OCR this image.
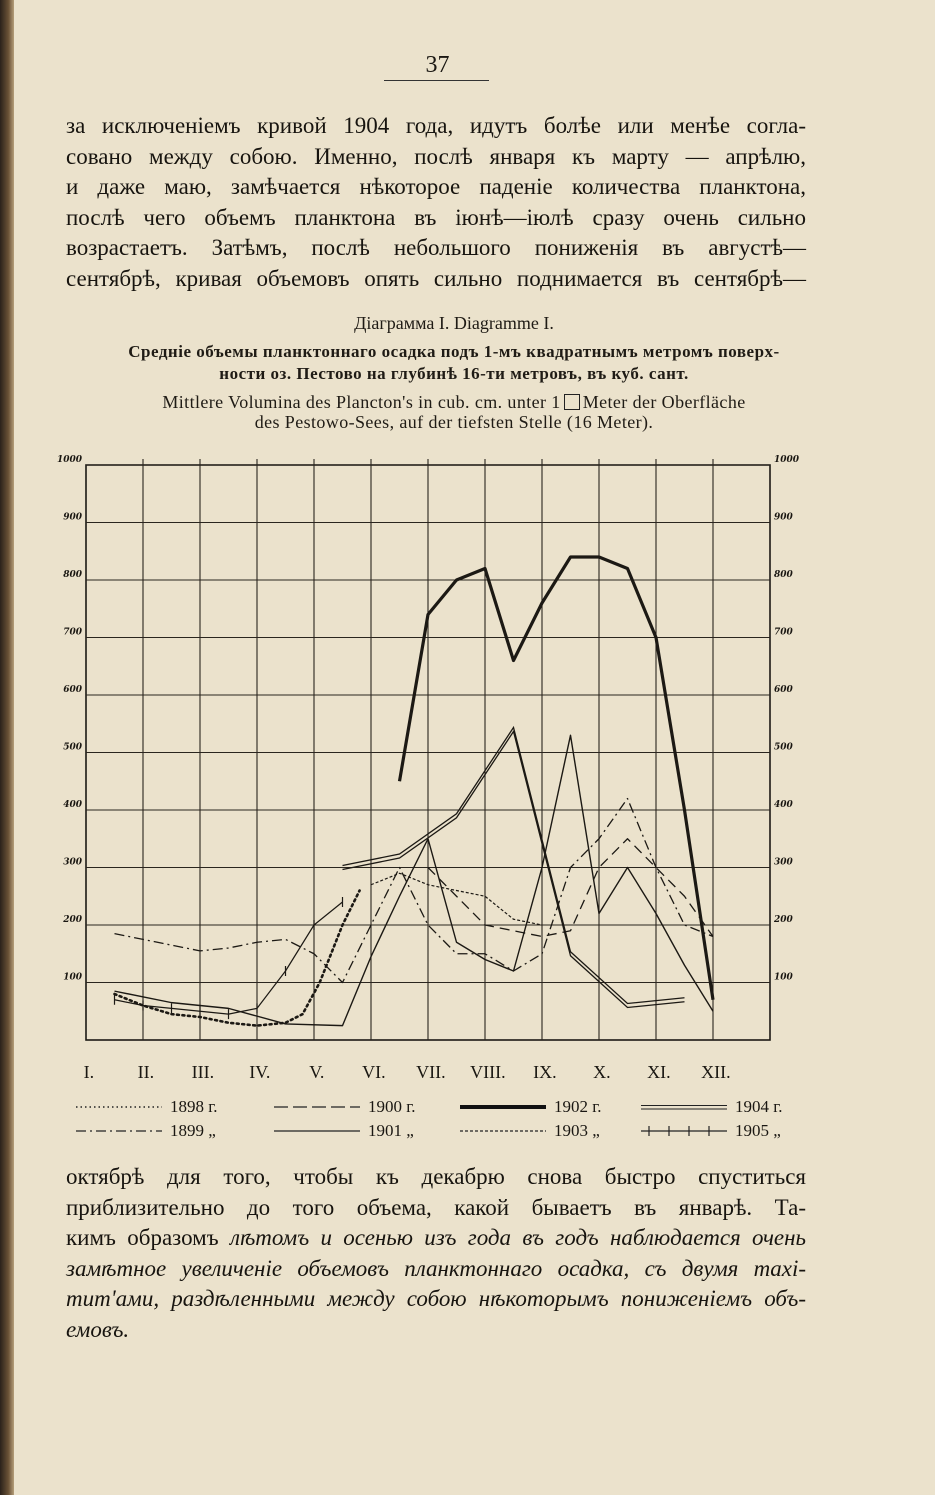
37
за исключеніемъ кривой 1904 года, идутъ болѣе или менѣе согла-
совано между собою. Именно, послѣ января къ марту — апрѣлю,
и даже маю, замѣчается нѣкоторое паденіе количества планктона,
послѣ чего объемъ планктона въ іюнѣ—іюлѣ сразу очень сильно
возрастаетъ. Затѣмъ, послѣ небольшого пониженія въ августѣ—
сентябрѣ, кривая объемовъ опять сильно поднимается въ сентябрѣ—
Діаграмма I. Diagramme I.
Средніе объемы планктоннаго осадка подъ 1-мъ квадратнымъ метромъ поверх-
ности оз. Пестово на глубинѣ 16-ти метровъ, въ куб. сант.
Mittlere Volumina des Plancton's in cub. cm. unter 1 Meter der Oberfläche
des Pestowo-Sees, auf der tiefsten Stelle (16 Meter).
1000	1000
900	900
800	800
700	700
600	600
500	500
400	400
300	300
200	200
100	100
I. II. III. IV. V. VI. VII. VIII. IX. X. XI. XII.
1898 г.
1899 „
1900 г.
1901 „
1902 г.
1903 „
1904 г.
1905 „
октябрѣ для того, чтобы къ декабрю снова быстро спуститься
приблизительно до того объема, какой бываетъ въ январѣ. Та-
кимъ образомъ лѣтомъ и осенью изъ года въ годъ наблюдается очень
замѣтное увеличеніе объемовъ планктоннаго осадка, съ двумя maxi-
mum'ами, раздѣленными между собою нѣкоторымъ пониженіемъ объ-
емовъ.
